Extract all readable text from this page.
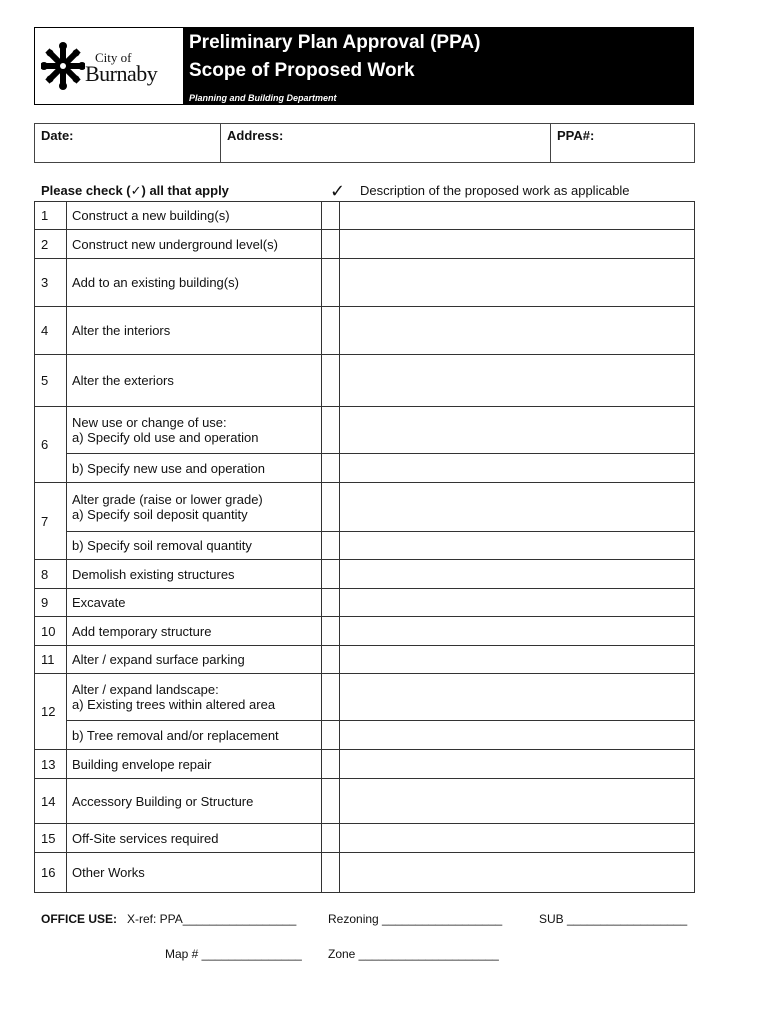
City of
Burnaby
Preliminary Plan Approval (PPA)
Scope of Proposed Work
Planning and Building Department
Date:	Address:	PPA#:
Please check (✓) all that apply	✓ Description of the proposed work as applicable
1	Construct a new building(s)		
2	Construct new underground level(s)		
3	Add to an existing building(s)		
4	Alter the interiors		
5	Alter the exteriors		
6	New use or change of use:
a) Specify old use and operation		

	b) Specify new use and operation		
7	Alter grade (raise or lower grade)
a) Specify soil deposit quantity		

	b) Specify soil removal quantity		
8	Demolish existing structures		
9	Excavate		
10	Add temporary structure		
11	Alter / expand surface parking		
12	Alter / expand landscape:
a) Existing trees within altered area		

	b) Tree removal and/or replacement		
13	Building envelope repair		
14	Accessory Building or Structure		
15	Off-Site services required		
16	Other Works		
OFFICE USE: X-ref: PPA_________________	Rezoning __________________	SUB __________________
Map # _______________ Zone _____________________
